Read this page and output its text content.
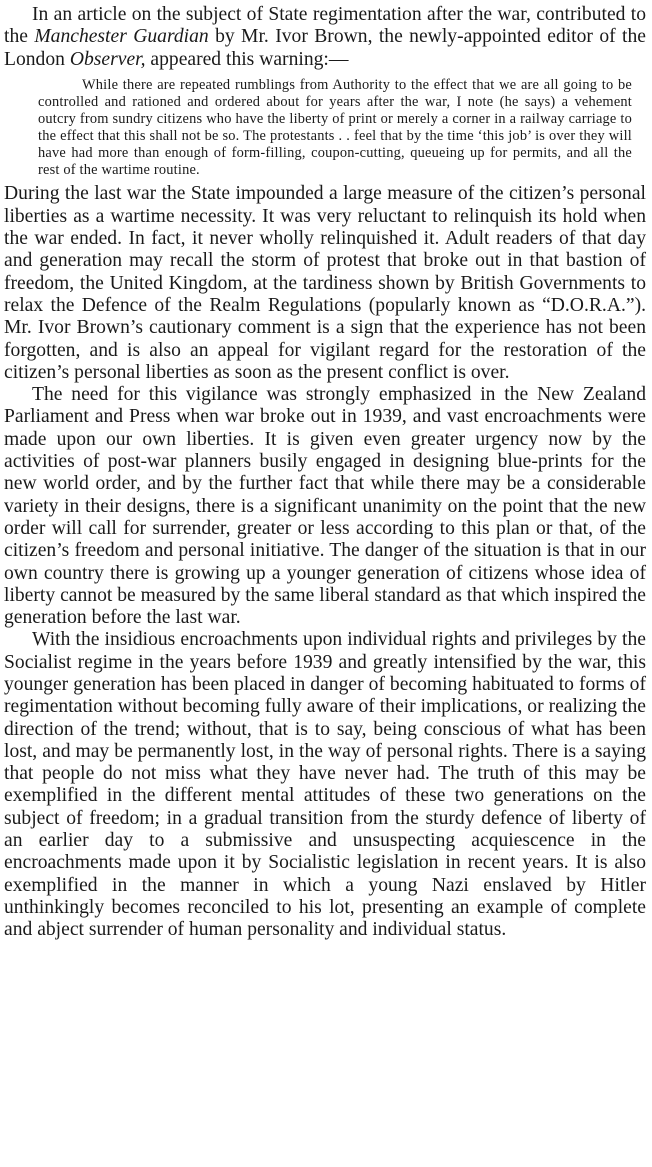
In an article on the subject of State regimentation after the war, contributed to the Manchester Guardian by Mr. Ivor Brown, the newly-appointed editor of the London Observer, appeared this warning:—

While there are repeated rumblings from Authority to the effect that we are all going to be controlled and rationed and ordered about for years after the war, I note (he says) a vehement outcry from sundry citizens who have the liberty of print or merely a corner in a railway carriage to the effect that this shall not be so. The protestants . . feel that by the time ‘this job’ is over they will have had more than enough of form-filling, coupon-cutting, queueing up for permits, and all the rest of the wartime routine.

During the last war the State impounded a large measure of the citizen’s personal liberties as a wartime necessity. It was very reluctant to relinquish its hold when the war ended. In fact, it never wholly relinquished it. Adult readers of that day and generation may recall the storm of protest that broke out in that bastion of freedom, the United Kingdom, at the tardiness shown by British Governments to relax the Defence of the Realm Regulations (popularly known as “D.O.R.A.”). Mr. Ivor Brown’s cautionary comment is a sign that the experience has not been forgotten, and is also an appeal for vigilant regard for the restoration of the citizen’s personal liberties as soon as the present conflict is over.

The need for this vigilance was strongly emphasized in the New Zealand Parliament and Press when war broke out in 1939, and vast encroachments were made upon our own liberties. It is given even greater urgency now by the activities of post-war planners busily engaged in designing blue-prints for the new world order, and by the further fact that while there may be a considerable variety in their designs, there is a significant unanimity on the point that the new order will call for surrender, greater or less according to this plan or that, of the citizen’s freedom and personal initiative. The danger of the situation is that in our own country there is growing up a younger generation of citizens whose idea of liberty cannot be measured by the same liberal standard as that which inspired the generation before the last war.

With the insidious encroachments upon individual rights and privileges by the Socialist regime in the years before 1939 and greatly intensified by the war, this younger generation has been placed in danger of becoming habituated to forms of regimentation without becoming fully aware of their implications, or realizing the direction of the trend; without, that is to say, being conscious of what has been lost, and may be permanently lost, in the way of personal rights. There is a saying that people do not miss what they have never had. The truth of this may be exemplified in the different mental attitudes of these two generations on the subject of freedom; in a gradual transition from the sturdy defence of liberty of an earlier day to a submissive and unsuspecting acquiescence in the encroachments made upon it by Socialistic legislation in recent years. It is also exemplified in the manner in which a young Nazi enslaved by Hitler unthinkingly becomes reconciled to his lot, presenting an example of complete and abject surrender of human personality and individual status.
